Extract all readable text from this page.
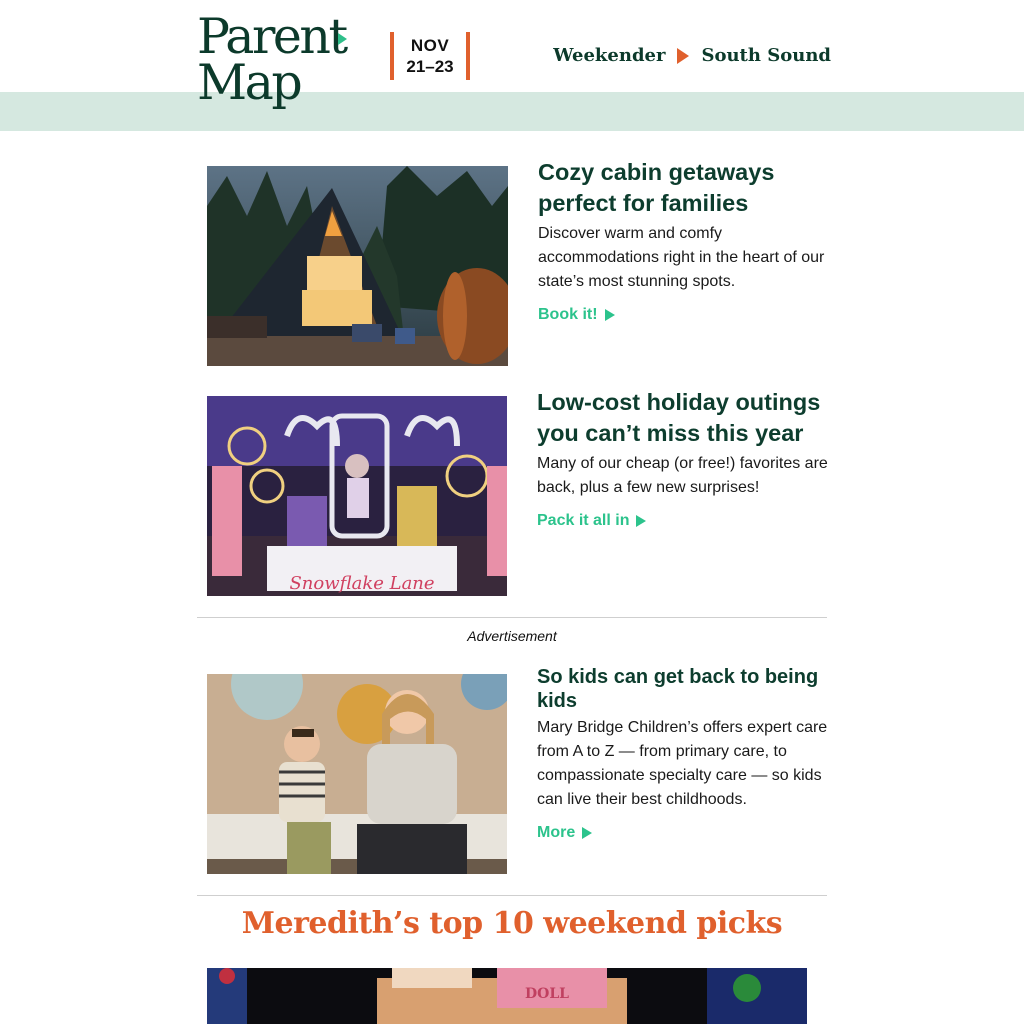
Parent
Map
NOV
21–23
Weekender South Sound
Cozy cabin getaways perfect for families

Discover warm and comfy accommodations right in the heart of our state’s most stunning spots.

Book it!
Snowflake Lane
Low-cost holiday outings you can’t miss this year

Many of our cheap (or free!) favorites are back, plus a few new surprises!

Pack it all in
Advertisement
So kids can get back to being kids

Mary Bridge Children’s offers expert care from A to Z — from primary care, to compassionate specialty care — so kids can live their best childhoods.

More
Meredith’s top 10 weekend picks
DOLL
